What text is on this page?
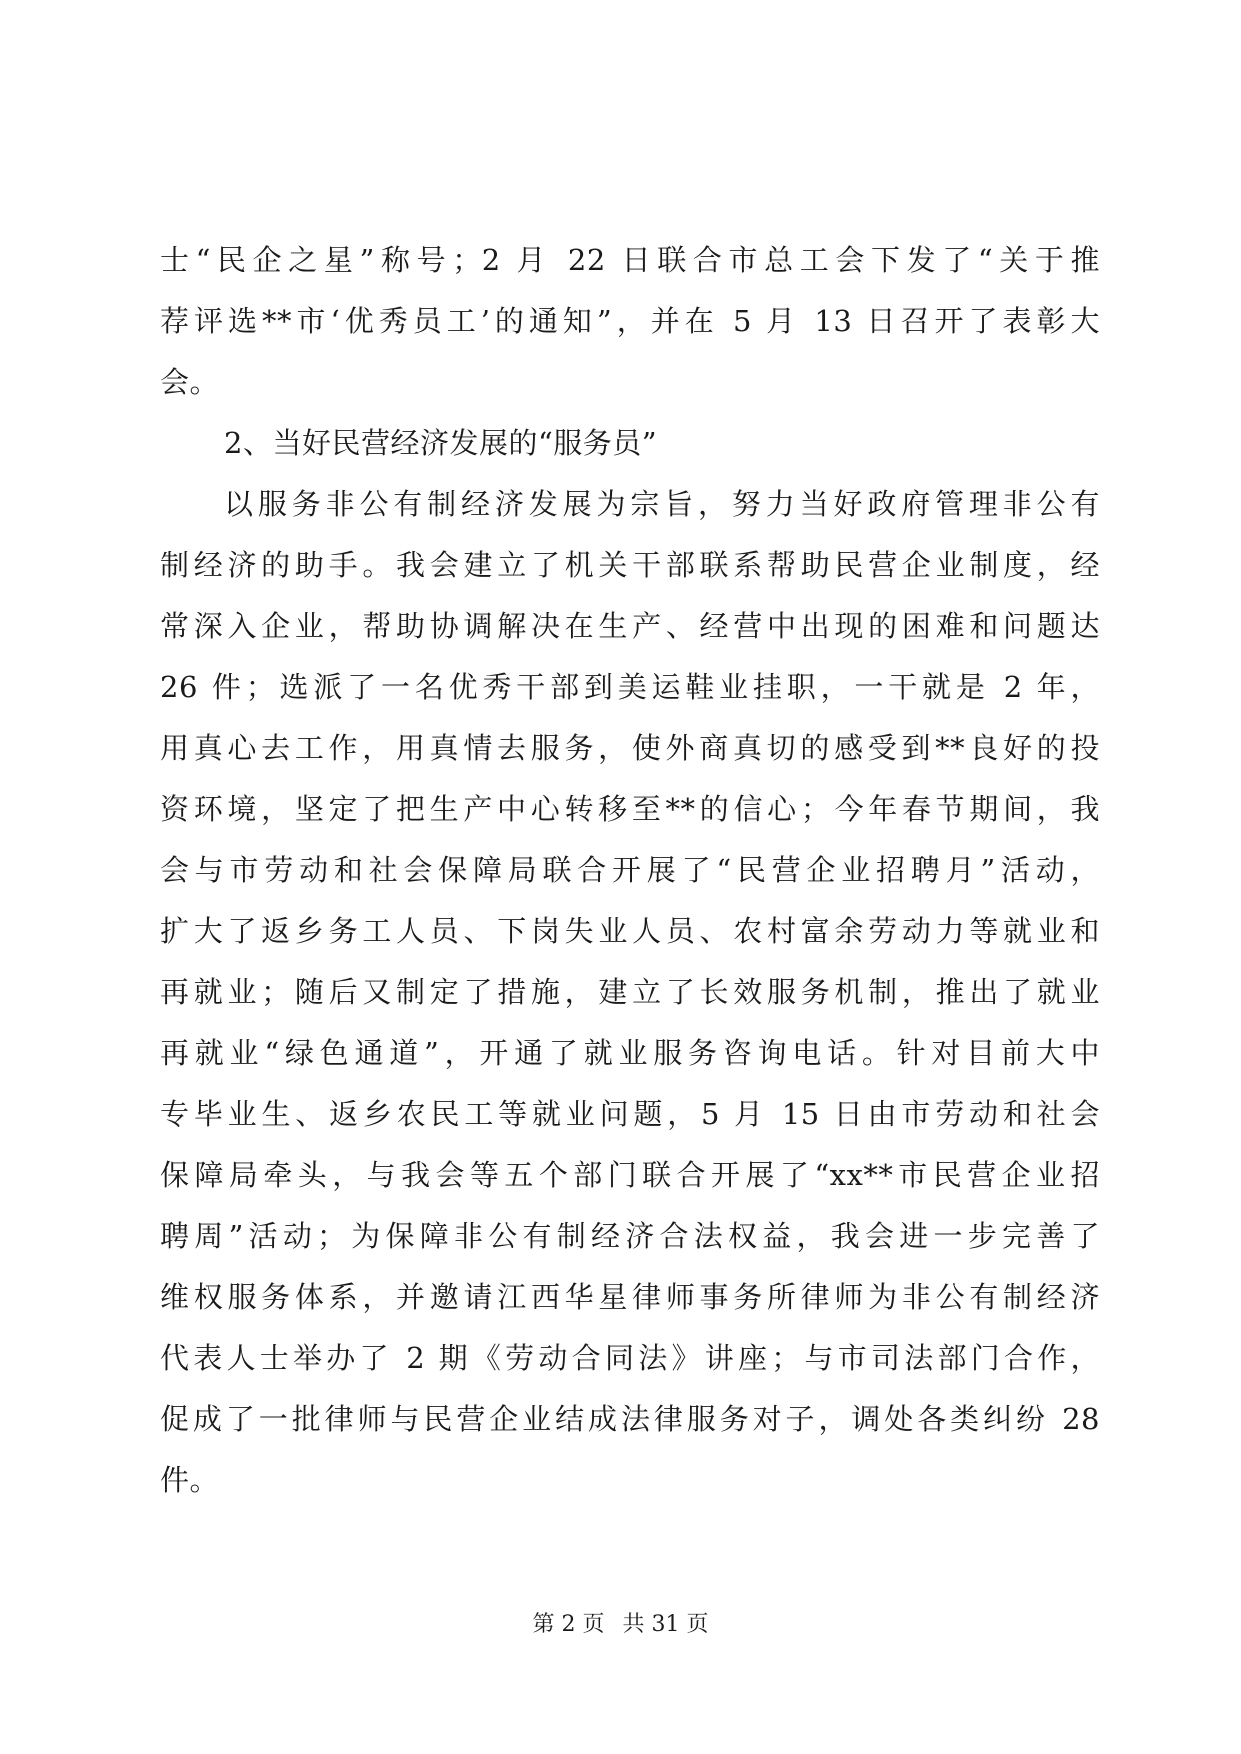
士“民企之星”称号；2 月 22 日联合市总工会下发了“关于推
荐评选**市‘优秀员工’的通知”，并在 5 月 13 日召开了表彰大
会。
2、当好民营经济发展的“服务员”
以服务非公有制经济发展为宗旨，努力当好政府管理非公有
制经济的助手。我会建立了机关干部联系帮助民营企业制度，经
常深入企业，帮助协调解决在生产、经营中出现的困难和问题达
26 件；选派了一名优秀干部到美运鞋业挂职，一干就是 2 年，
用真心去工作，用真情去服务，使外商真切的感受到**良好的投
资环境，坚定了把生产中心转移至**的信心；今年春节期间，我
会与市劳动和社会保障局联合开展了“民营企业招聘月”活动，
扩大了返乡务工人员、下岗失业人员、农村富余劳动力等就业和
再就业；随后又制定了措施，建立了长效服务机制，推出了就业
再就业“绿色通道”，开通了就业服务咨询电话。针对目前大中
专毕业生、返乡农民工等就业问题，5 月 15 日由市劳动和社会
保障局牵头，与我会等五个部门联合开展了“xx**市民营企业招
聘周”活动；为保障非公有制经济合法权益，我会进一步完善了
维权服务体系，并邀请江西华星律师事务所律师为非公有制经济
代表人士举办了 2 期《劳动合同法》讲座；与市司法部门合作，
促成了一批律师与民营企业结成法律服务对子，调处各类纠纷 28
件。
第 2 页 共 31 页
